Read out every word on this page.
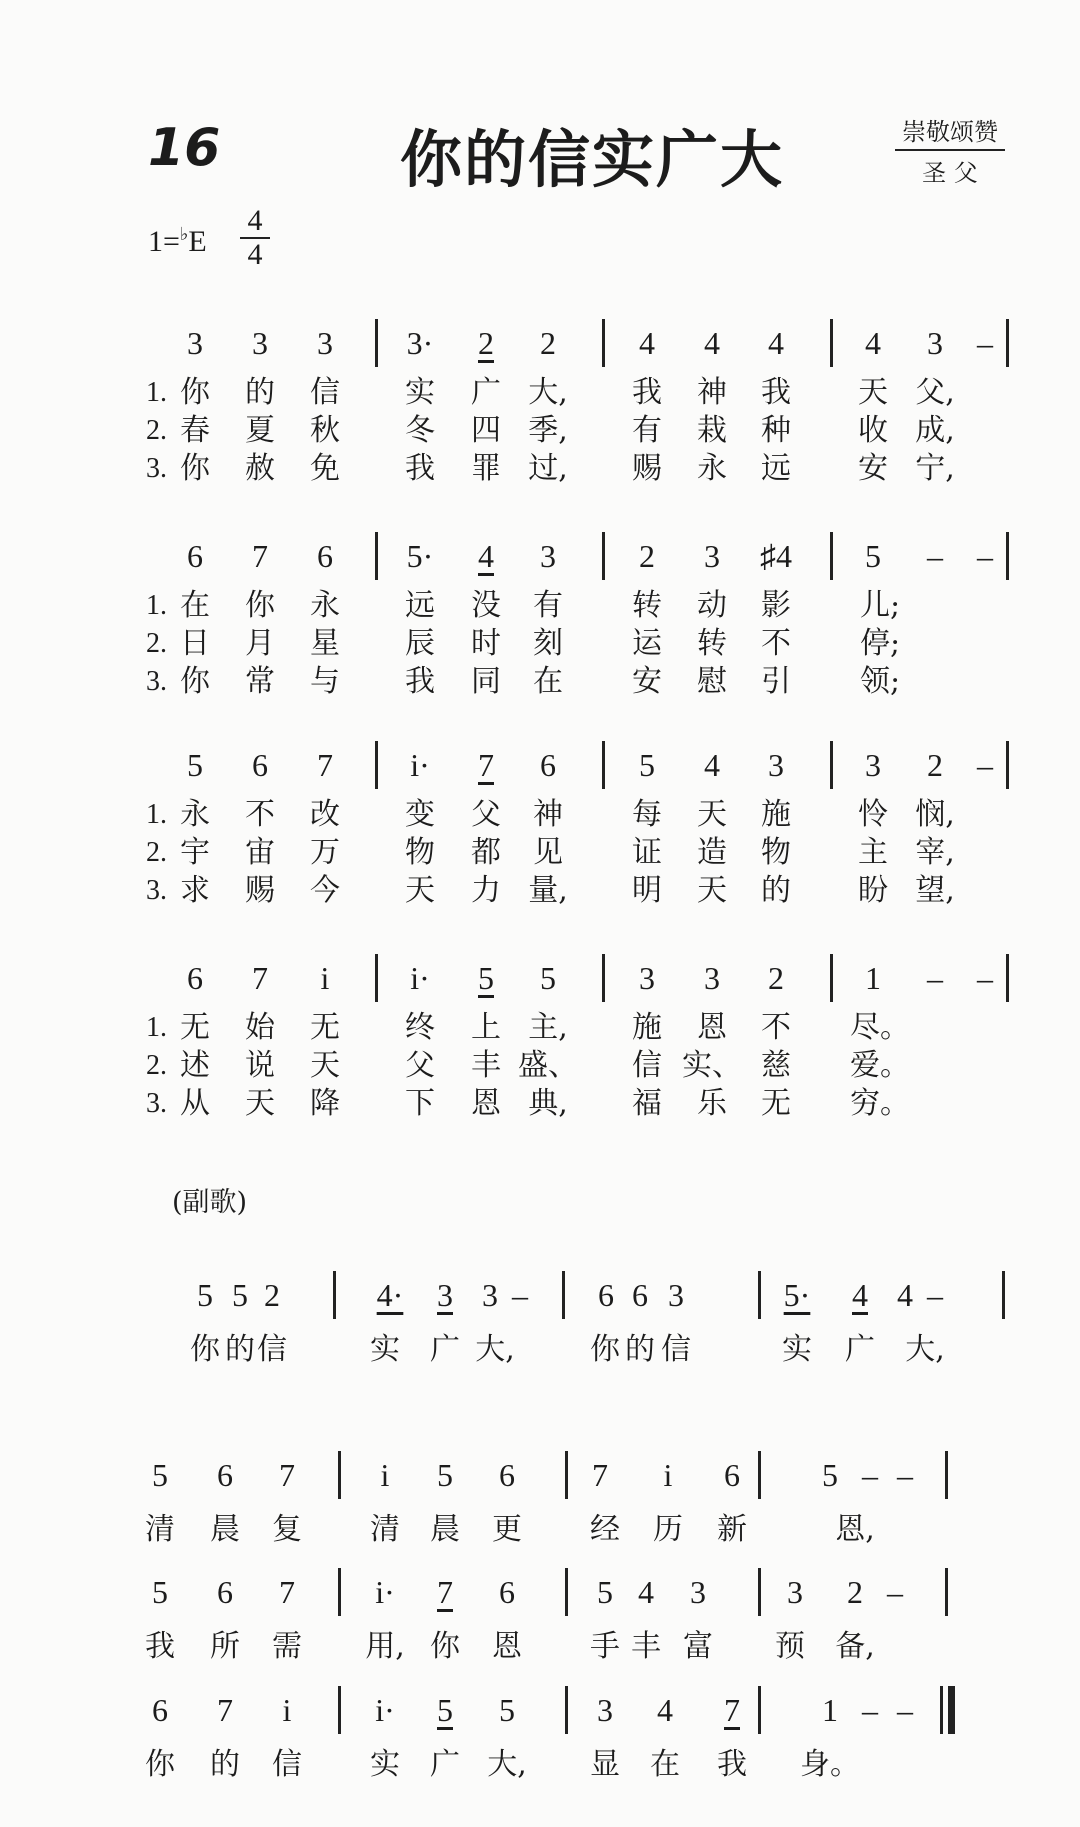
16	你的信实广大	崇敬颂赞
圣 父
1=♭E
4
4
(副歌)
3 3 3 3· 2 2	4 4 4	4 3 –
1. 你 的 信 实 广 大, 我 神 我 天 父,
2. 春 夏 秋 冬 四 季, 有 栽 种 收 成,
3. 你 赦 免 我 罪 过, 赐 永 远 安 宁,
6 7 6 5· 4 3	2 3 ♯4 5 – –
1. 在 你 永 远 没 有 转 动 影 儿;
2. 日 月 星 辰 时 刻 运 转 不 停;
3. 你 常 与 我 同 在 安 慰 引 领;
5 6 7 i· 7 6	5 4 3	3 2 –
1. 永 不 改 变 父 神 每 天 施 怜 悯,
2. 宇 宙 万 物 都 见 证 造 物 主 宰,
3. 求 赐 今 天 力 量, 明 天 的 盼 望,
6 7 i	i· 5 5	3 3 2	1 – –
1. 无 始 无 终 上 主, 施 恩 不 尽。
2. 述 说 天 父 丰 盛、 信 实、 慈 爱。
3. 从 天 降 下 恩 典, 福 乐 无 穷。
5 5 2	4· 3 3 – 6 6 3	5· 4 4 –
你 的 信	实 广 大,	你 的 信	实 广 大,
5 6 7	i 5 6 7 i 6	5 – –
清 晨 复 清 晨 更 经 历 新	恩,
5 6 7	i· 7 6	5 4 3	3 2 –
我 所 需 用, 你 恩 手 丰 富 预 备,
6 7 i	i· 5 5	3 4 7	1 – –
你 的 信 实 广 大, 显 在 我 身。
